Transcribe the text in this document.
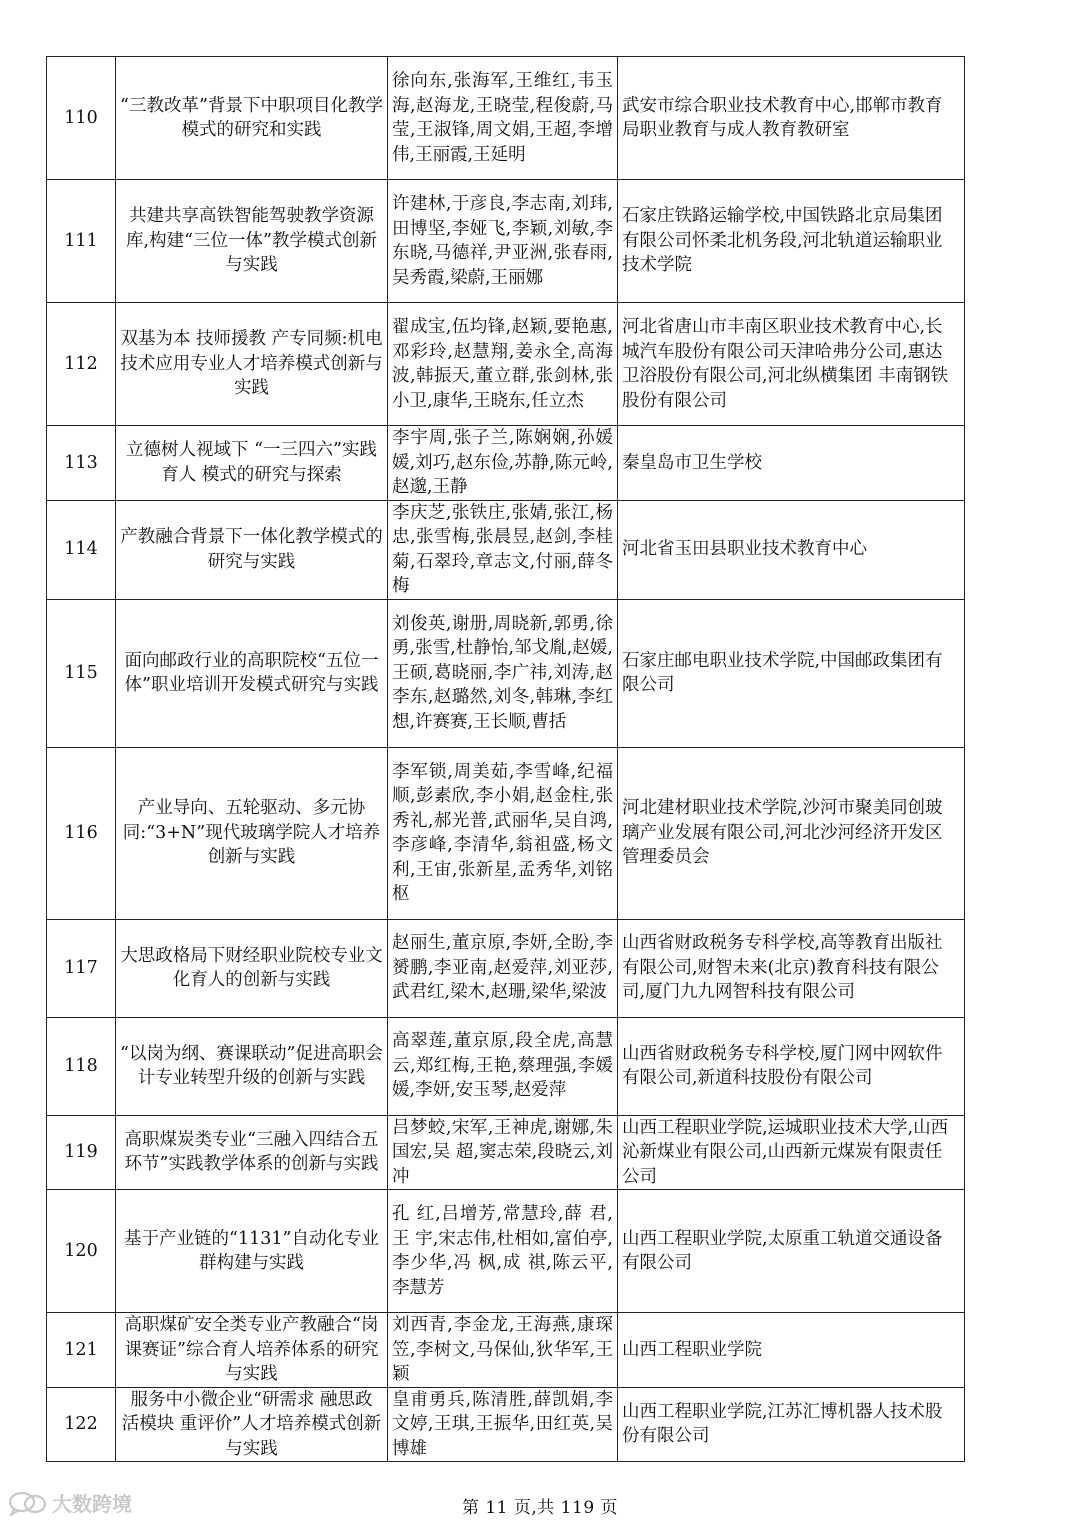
110	“三教改革”背景下中职项目化教学模式的研究和实践	徐向东,张海军,王维红,韦玉海,赵海龙,王晓莹,程俊蔚,马莹,王淑锋,周文娟,王超,李增伟,王丽霞,王延明	武安市综合职业技术教育中心,邯郸市教育局职业教育与成人教育教研室

111	共建共享高铁智能驾驶教学资源库,构建“三位一体”教学模式创新与实践	许建林,于彦良,李志南,刘玮,田博坚,李娅飞,李颖,刘敏,李东晓,马德祥,尹亚洲,张春雨,吴秀霞,梁蔚,王丽娜	石家庄铁路运输学校,中国铁路北京局集团有限公司怀柔北机务段,河北轨道运输职业技术学院

112	双基为本 技师援教 产专同频:机电技术应用专业人才培养模式创新与实践	翟成宝,伍均锋,赵颖,要艳惠,邓彩玲,赵慧翔,姜永全,高海波,韩振天,董立群,张剑林,张小卫,康华,王晓东,任立杰	河北省唐山市丰南区职业技术教育中心,长城汽车股份有限公司天津哈弗分公司,惠达卫浴股份有限公司,河北纵横集团 丰南钢铁股份有限公司

113	立德树人视域下 “一三四六”实践育人 模式的研究与探索	李宇周,张子兰,陈娴娴,孙媛媛,刘巧,赵东俭,苏静,陈元岭,赵邈,王静	秦皇岛市卫生学校

114	产教融合背景下一体化教学模式的研究与实践	李庆芝,张铁庄,张婧,张江,杨忠,张雪梅,张晨昱,赵剑,李桂菊,石翠玲,章志文,付丽,薛冬梅	河北省玉田县职业技术教育中心

115	面向邮政行业的高职院校“五位一体”职业培训开发模式研究与实践	刘俊英,谢册,周晓新,郭勇,徐勇,张雪,杜静怡,邹戈胤,赵媛,王硕,葛晓丽,李广祎,刘涛,赵李东,赵璐然,刘冬,韩琳,李红想,许赛赛,王长顺,曹括	石家庄邮电职业技术学院,中国邮政集团有限公司

116	产业导向、五轮驱动、多元协同:“3+N”现代玻璃学院人才培养创新与实践	李军锁,周美茹,李雪峰,纪福顺,彭素欣,李小娟,赵金柱,张秀礼,郝光普,武丽华,吴自鸿,李彦峰,李清华,翁祖盛,杨文利,王宙,张新星,孟秀华,刘铭枢	河北建材职业技术学院,沙河市聚美同创玻璃产业发展有限公司,河北沙河经济开发区管理委员会

117	大思政格局下财经职业院校专业文化育人的创新与实践	赵丽生,董京原,李妍,全盼,李赟鹏,李亚南,赵爱萍,刘亚莎,武君红,梁木,赵珊,梁华,梁波	山西省财政税务专科学校,高等教育出版社有限公司,财智未来(北京)教育科技有限公司,厦门九九网智科技有限公司

118	“以岗为纲、赛课联动”促进高职会计专业转型升级的创新与实践	高翠莲,董京原,段全虎,高慧云,郑红梅,王艳,蔡理强,李媛媛,李妍,安玉琴,赵爱萍	山西省财政税务专科学校,厦门网中网软件有限公司,新道科技股份有限公司

119	高职煤炭类专业“三融入四结合五环节”实践教学体系的创新与实践	吕梦蛟,宋军,王神虎,谢娜,朱国宏,吴 超,窦志荣,段晓云,刘冲	山西工程职业学院,运城职业技术大学,山西沁新煤业有限公司,山西新元煤炭有限责任公司

120	基于产业链的“1131”自动化专业群构建与实践	孔 红,吕增芳,常慧玲,薛 君,王 宇,宋志伟,杜相如,富伯亭,李少华,冯 枫,成 祺,陈云平,李慧芳	山西工程职业学院,太原重工轨道交通设备有限公司

121	高职煤矿安全类专业产教融合“岗课赛证”综合育人培养体系的研究与实践	刘西青,李金龙,王海燕,康琛笠,李树文,马保仙,狄华军,王颖	山西工程职业学院

122	服务中小微企业“研需求 融思政 活模块 重评价”人才培养模式创新与实践	皇甫勇兵,陈清胜,薛凯娟,李文婷,王琪,王振华,田红英,吴博雄	山西工程职业学院,江苏汇博机器人技术股份有限公司
大数跨境	第 11 页,共 119 页
